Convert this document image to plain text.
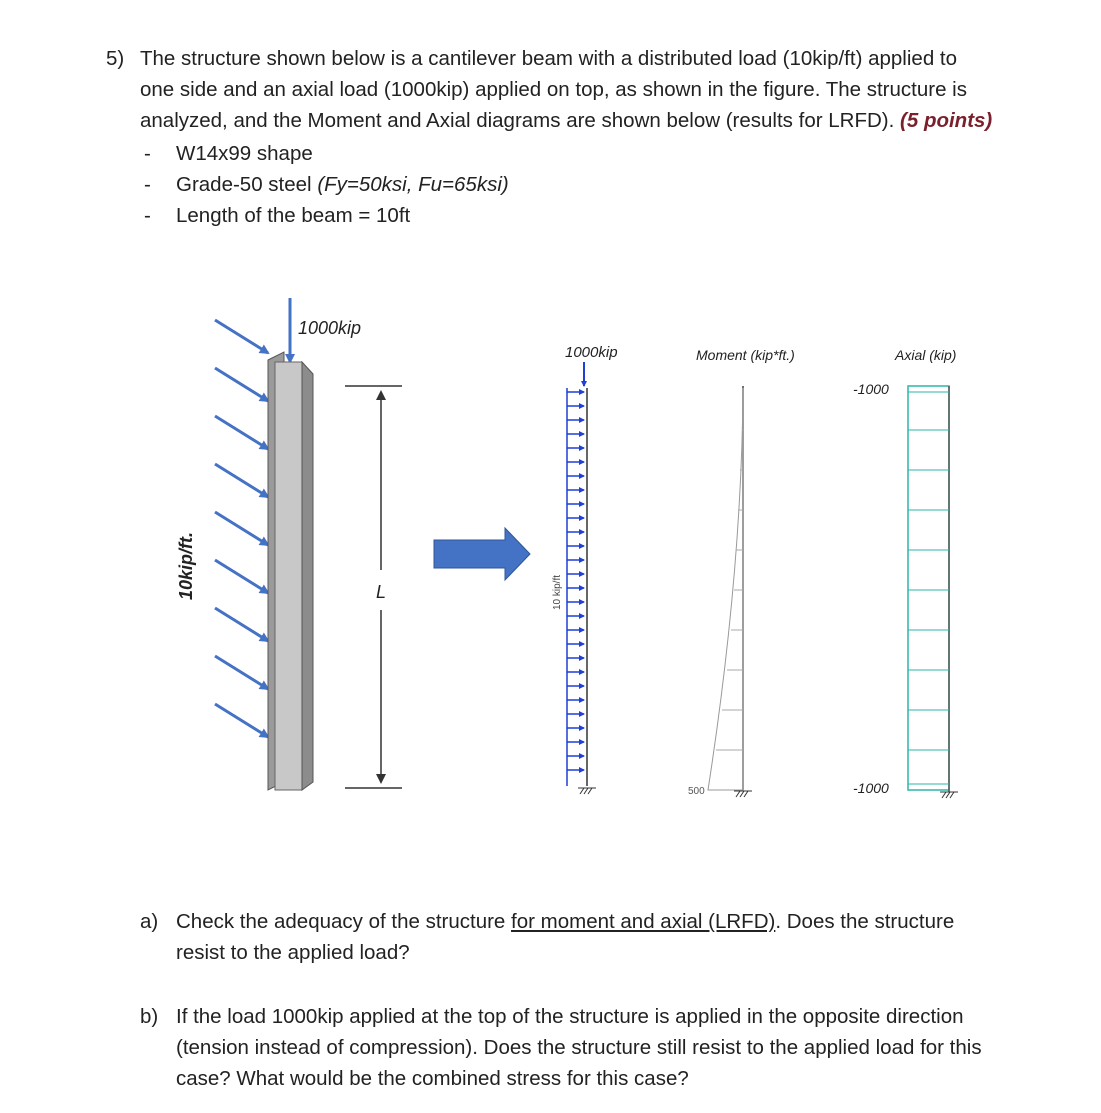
5) The structure shown below is a cantilever beam with a distributed load (10kip/ft) applied to
one side and an axial load (1000kip) applied on top, as shown in the figure. The structure is
analyzed, and the Moment and Axial diagrams are shown below (results for LRFD). (5 points)
- W14x99 shape
- Grade-50 steel (Fy=50ksi, Fu=65ksi)
- Length of the beam = 10ft
10kip/ft.
1000kip
L
1000kip
10 kip/ft
Moment (kip*ft.)
500
Axial (kip)
-1000
-1000
a) Check the adequacy of the structure for moment and axial (LRFD). Does the structure
resist to the applied load?
b) If the load 1000kip applied at the top of the structure is applied in the opposite direction
(tension instead of compression). Does the structure still resist to the applied load for this
case? What would be the combined stress for this case?
